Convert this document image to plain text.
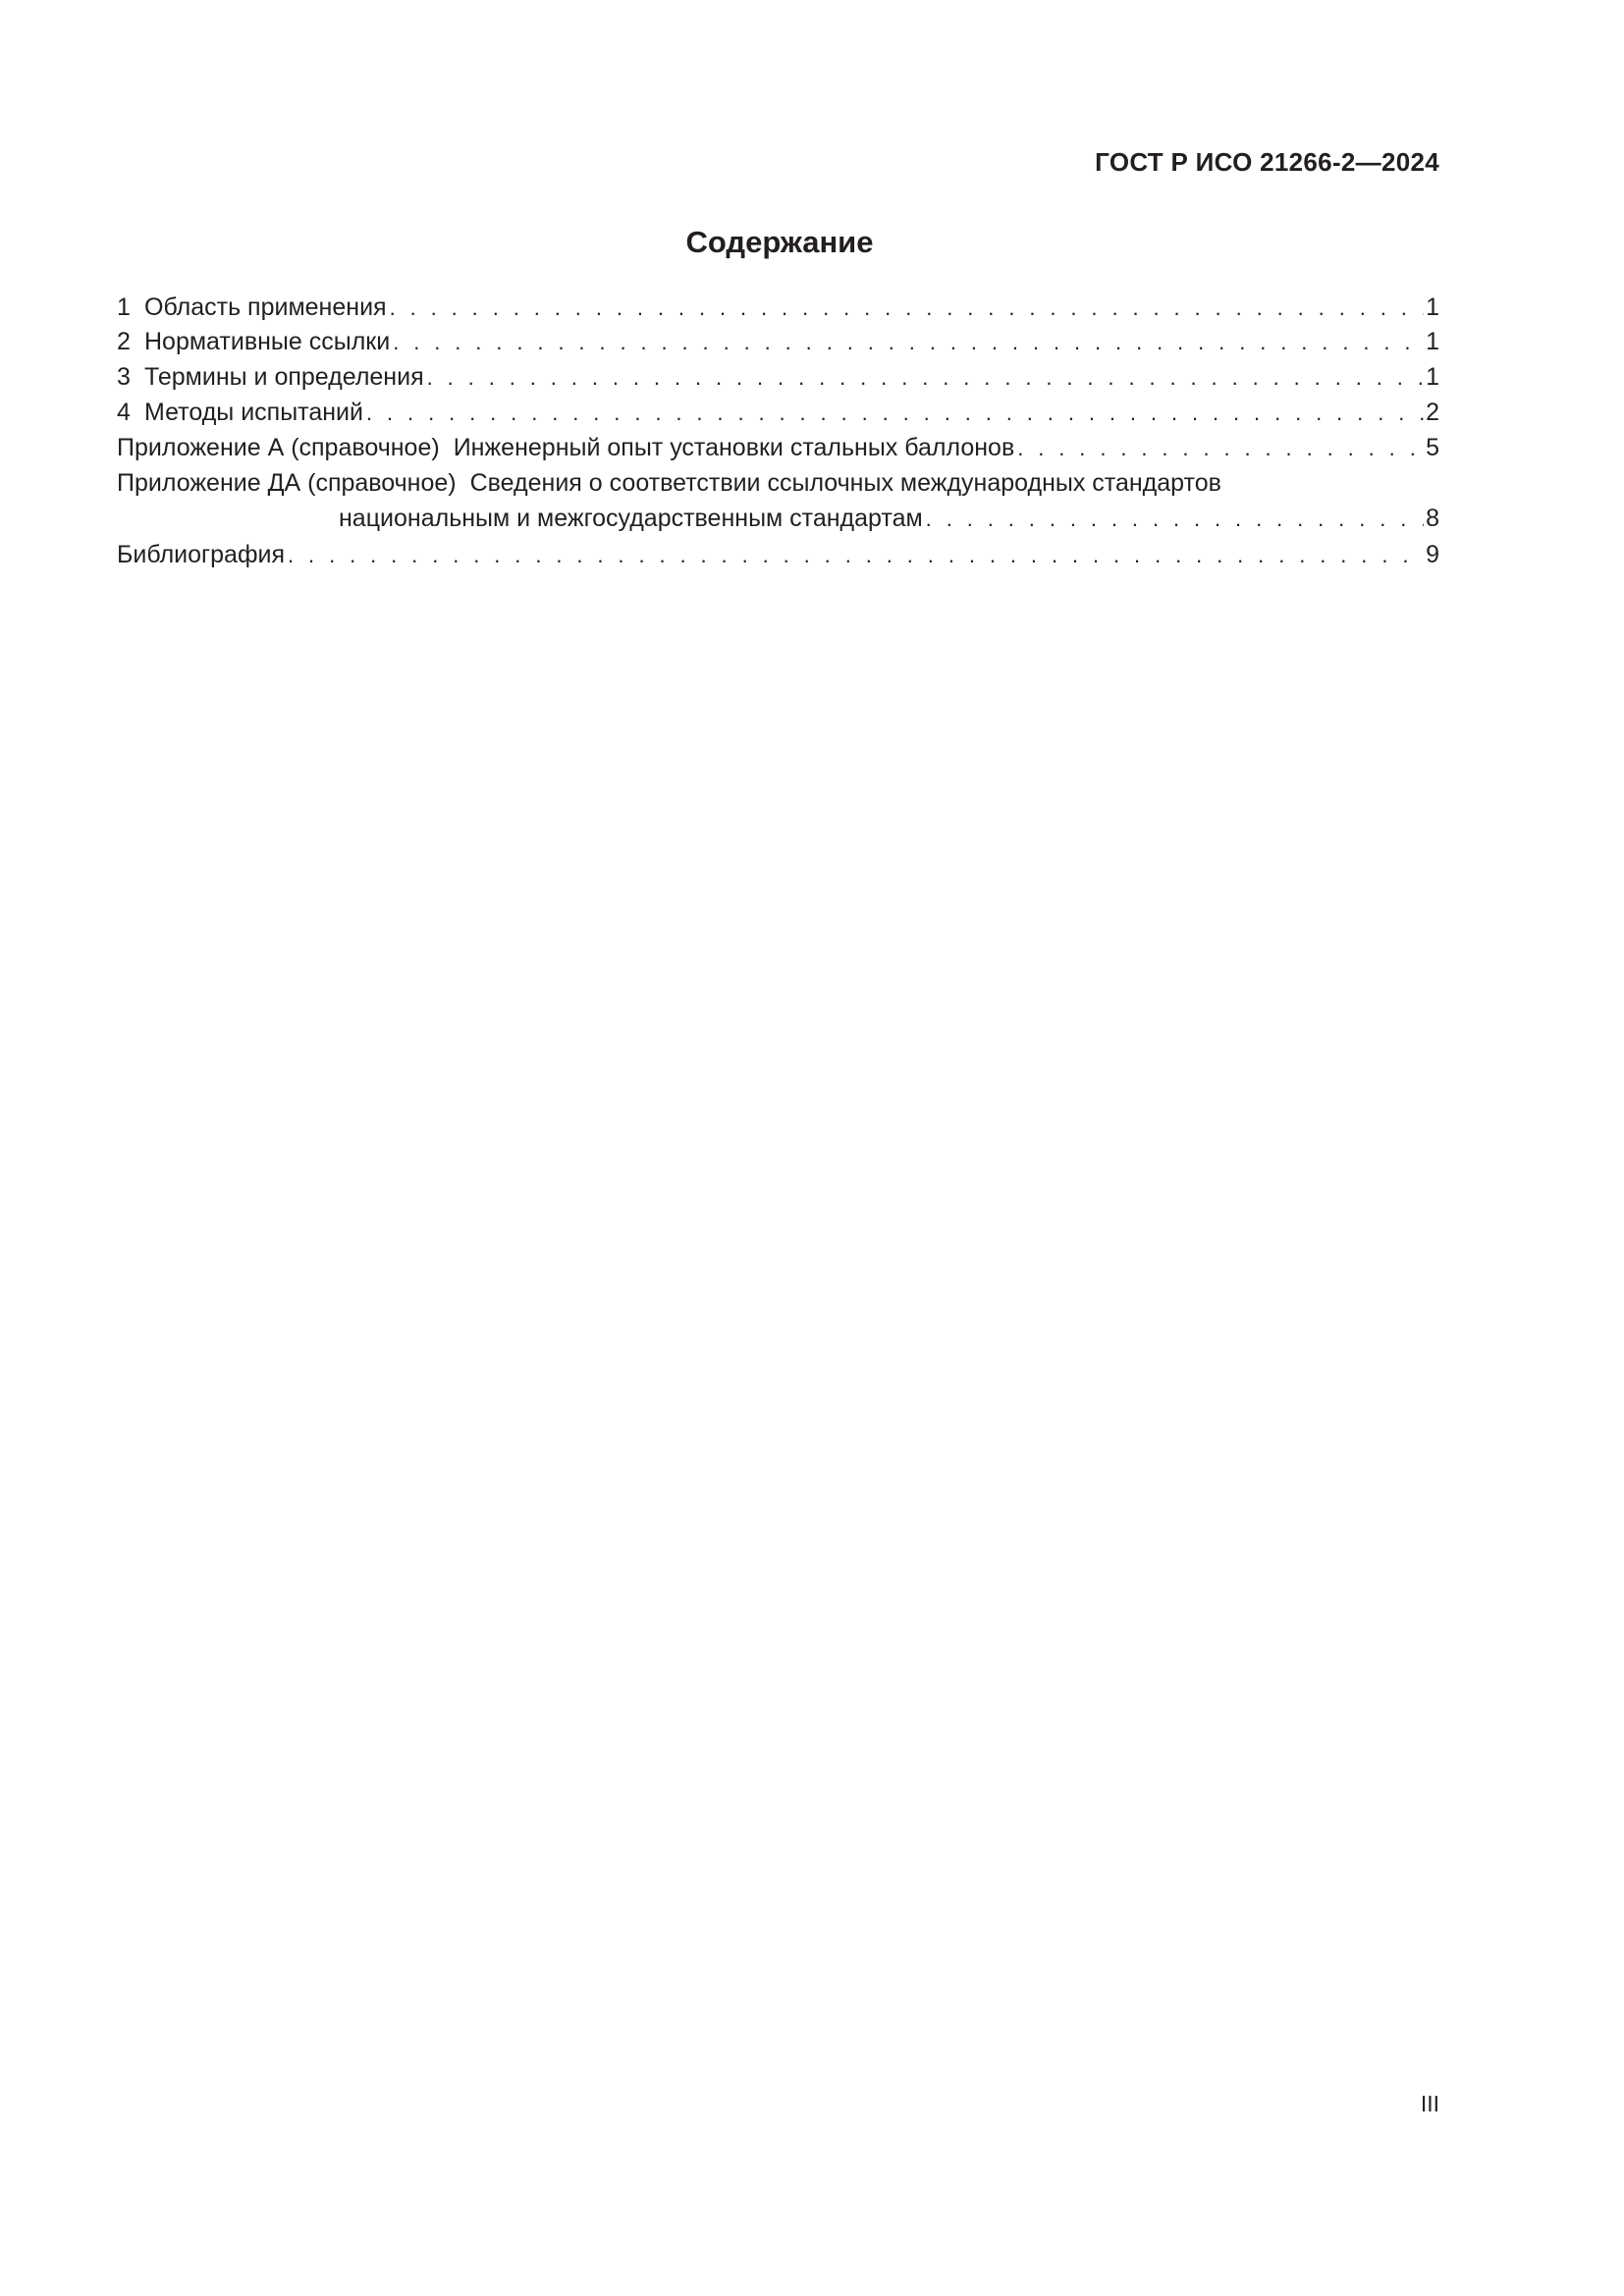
ГОСТ Р ИСО 21266-2—2024
Содержание
1 Область применения . . .	1
2 Нормативные ссылки . . .	1
3 Термины и определения . . .	1
4 Методы испытаний . . .	2
Приложение А (справочное) Инженерный опыт установки стальных баллонов . . .	5
Приложение ДА (справочное) Сведения о соответствии ссылочных международных стандартов
национальным и межгосударственным стандартам . . .	8
Библиография . . .	9
III
